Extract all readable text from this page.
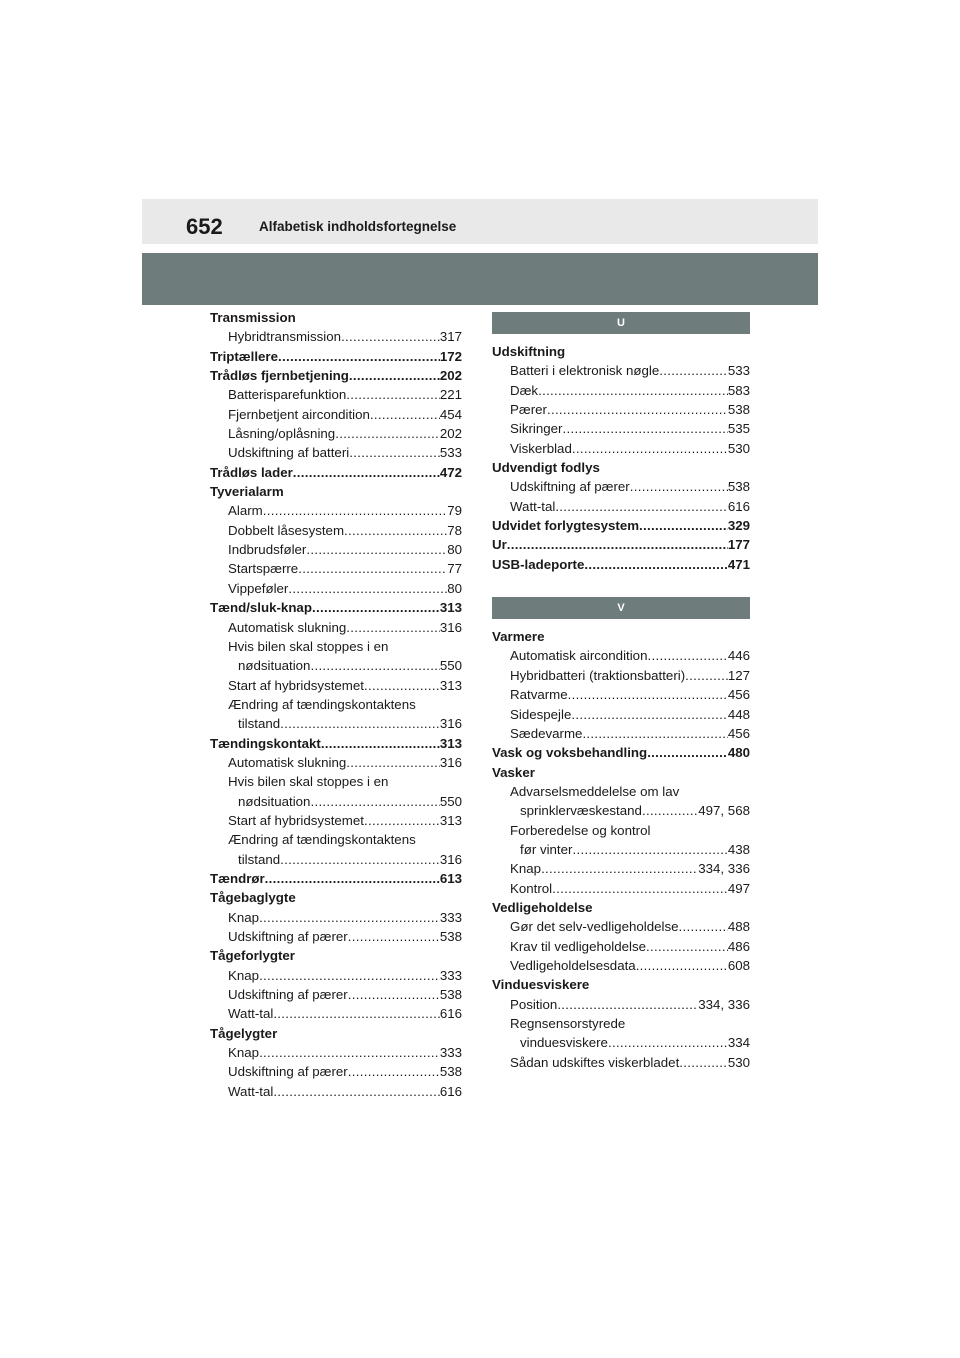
652	Alfabetisk indholdsfortegnelse
Transmission
Hybridtransmission .....	317
Triptællere .....	172
Trådløs fjernbetjening .....	202
Batterisparefunktion .....	221
Fjernbetjent aircondition .....	454
Låsning/oplåsning .....	202
Udskiftning af batteri .....	533
Trådløs lader .....	472
Tyverialarm
Alarm .....	79
Dobbelt låsesystem .....	78
Indbrudsføler .....	80
Startspærre .....	77
Vippeføler .....	80
Tænd/sluk-knap .....	313
Automatisk slukning .....	316
Hvis bilen skal stoppes i en
nødsituation .....	550
Start af hybridsystemet .....	313
Ændring af tændingskontaktens
tilstand .....	316
Tændingskontakt .....	313
Automatisk slukning .....	316
Hvis bilen skal stoppes i en
nødsituation .....	550
Start af hybridsystemet .....	313
Ændring af tændingskontaktens
tilstand .....	316
Tændrør .....	613
Tågebaglygte
Knap .....	333
Udskiftning af pærer .....	538
Tågeforlygter
Knap .....	333
Udskiftning af pærer .....	538
Watt-tal .....	616
Tågelygter
Knap .....	333
Udskiftning af pærer .....	538
Watt-tal .....	616
U
Udskiftning
Batteri i elektronisk nøgle .....	533
Dæk .....	583
Pærer .....	538
Sikringer .....	535
Viskerblad .....	530
Udvendigt fodlys
Udskiftning af pærer .....	538
Watt-tal .....	616
Udvidet forlygtesystem .....	329
Ur .....	177
USB-ladeporte .....	471
V
Varmere
Automatisk aircondition .....	446
Hybridbatteri (traktionsbatteri) .....	127
Ratvarme .....	456
Sidespejle .....	448
Sædevarme .....	456
Vask og voksbehandling .....	480
Vasker
Advarselsmeddelelse om lav
sprinklervæskestand .....	497, 568
Forberedelse og kontrol
før vinter .....	438
Knap .....	334, 336
Kontrol .....	497
Vedligeholdelse
Gør det selv-vedligeholdelse .....	488
Krav til vedligeholdelse .....	486
Vedligeholdelsesdata .....	608
Vinduesviskere
Position .....	334, 336
Regnsensorstyrede
vinduesviskere .....	334
Sådan udskiftes viskerbladet .....	530
